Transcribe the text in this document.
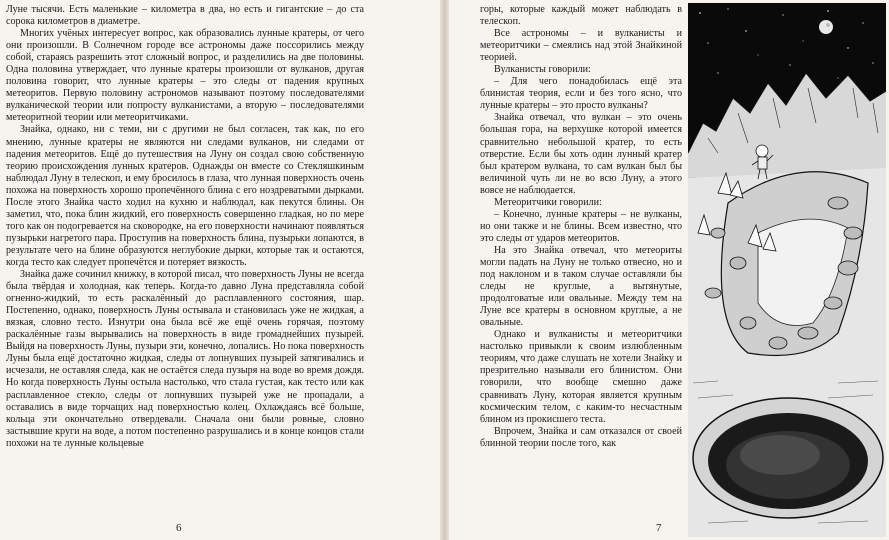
Луне тысячи. Есть маленькие – километра в два, но есть и гигантские – до ста сорока километров в диаметре.

Многих учёных интересует вопрос, как образовались лунные кратеры, от чего они произошли. В Солнечном городе все астрономы даже поссорились между собой, стараясь разрешить этот сложный вопрос, и разделились на две половины. Одна половина утверждает, что лунные кратеры произошли от вулканов, другая половина говорит, что лунные кратеры – это следы от падения крупных метеоритов. Первую половину астрономов называют поэтому последователями вулканической теории или попросту вулканистами, а вторую – последователями метеоритной теории или метеоритчиками.

Знайка, однако, ни с теми, ни с другими не был согласен, так как, по его мнению, лунные кратеры не являются ни следами вулканов, ни следами от падения метеоритов. Ещё до путешествия на Луну он создал свою собственную теорию происхождения лунных кратеров. Однажды он вместе со Стекляшкиным наблюдал Луну в телескоп, и ему бросилось в глаза, что лунная поверхность очень похожа на поверхность хорошо пропечённого блина с его ноздреватыми дырками. После этого Знайка часто ходил на кухню и наблюдал, как пекутся блины. Он заметил, что, пока блин жидкий, его поверхность совершенно гладкая, но по мере того как он подогревается на сковородке, на его поверхности начинают появляться пузырьки нагретого пара. Проступив на поверхность блина, пузырьки лопаются, в результате чего на блине образуются неглубокие дырки, которые так и остаются, когда тесто как следует пропечётся и потеряет вязкость.

Знайка даже сочинил книжку, в которой писал, что поверхность Луны не всегда была твёрдая и холодная, как теперь. Когда-то давно Луна представляла собой огненно-жидкий, то есть раскалённый до расплавленного состояния, шар. Постепенно, однако, поверхность Луны остывала и становилась уже не жидкая, а вязкая, словно тесто. Изнутри она была всё же ещё очень горячая, поэтому раскалённые газы вырывались на поверхность в виде громаднейших пузырей. Выйдя на поверхность Луны, пузыри эти, конечно, лопались. Но пока поверхность Луны была ещё достаточно жидкая, следы от лопнувших пузырей затягивались и исчезали, не оставляя следа, как не остаётся следа пузыря на воде во время дождя. Но когда поверхность Луны остыла настолько, что стала густая, как тесто или как расплавленное стекло, следы от лопнувших пузырей уже не пропадали, а оставались в виде торчащих над поверхностью колец. Охлаждаясь всё больше, кольца эти окончательно отвердевали. Сначала они были ровные, словно застывшие круги на воде, а потом постепенно разрушались и в конце концов стали похожи на те лунные кольцевые

6

горы, которые каждый может наблюдать в телескоп.

Все астрономы – и вулканисты и метеоритчики – смеялись над этой Знайкиной теорией.

Вулканисты говорили:

– Для чего понадобилась ещё эта блинистая теория, если и без того ясно, что лунные кратеры – это просто вулканы?

Знайка отвечал, что вулкан – это очень большая гора, на верхушке которой имеется сравнительно небольшой кратер, то есть отверстие. Если бы хоть один лунный кратер был кратером вулкана, то сам вулкан был бы величиной чуть ли не во всю Луну, а этого вовсе не наблюдается.

Метеоритчики говорили:

– Конечно, лунные кратеры – не вулканы, но они также и не блины. Всем известно, что это следы от ударов метеоритов.

На это Знайка отвечал, что метеориты могли падать на Луну не только отвесно, но и под наклоном и в таком случае оставляли бы следы не круглые, а вытянутые, продолговатые или овальные. Между тем на Луне все кратеры в основном круглые, а не овальные.

Однако и вулканисты и метеоритчики настолько привыкли к своим излюбленным теориям, что даже слушать не хотели Знайку и презрительно называли его блинистом. Они говорили, что вообще смешно даже сравнивать Луну, которая является крупным космическим телом, с каким-то несчастным блином из прокисшего теста.

Впрочем, Знайка и сам отказался от своей блинной теории после того, как

7
